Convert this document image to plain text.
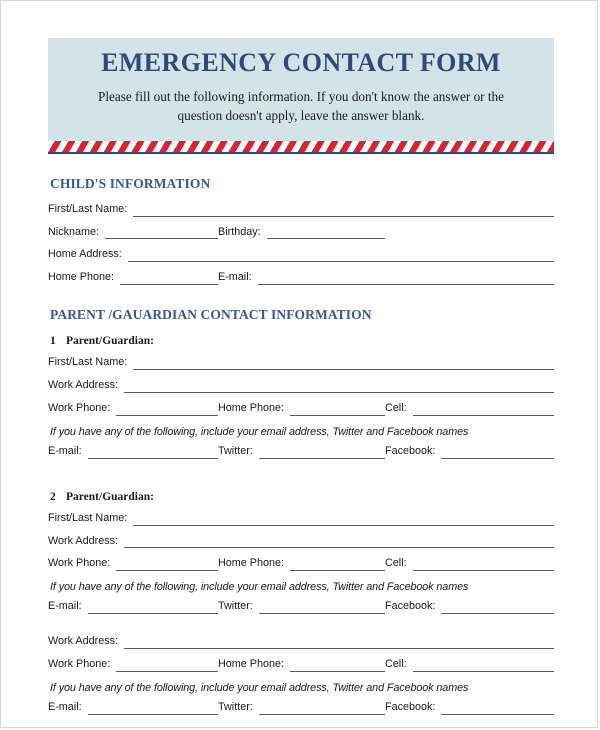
EMERGENCY CONTACT FORM

Please fill out the following information. If you don't know the answer or the question doesn't apply, leave the answer blank.

CHILD'S INFORMATION
First/Last Name:
Nickname:	Birthday:
Home Address:
Home Phone:	E-mail:
PARENT /GAUARDIAN CONTACT INFORMATION
1 Parent/Guardian:
First/Last Name:
Work Address:
Work Phone:	Home Phone:	Cell:
If you have any of the following, include your email address, Twitter and Facebook names
E-mail:	Twitter:	Facebook:
2 Parent/Guardian:
First/Last Name:
Work Address:
Work Phone:	Home Phone:	Cell:
If you have any of the following, include your email address, Twitter and Facebook names
E-mail:	Twitter:	Facebook:
Work Address:
Work Phone:	Home Phone:	Cell:
If you have any of the following, include your email address, Twitter and Facebook names
E-mail:	Twitter:	Facebook:
